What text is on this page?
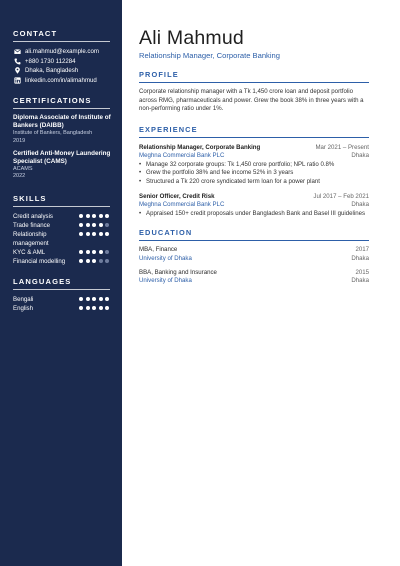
CONTACT
ali.mahmud@example.com
+880 1730 112284
Dhaka, Bangladesh
linkedin.com/in/alimahmud
CERTIFICATIONS
Diploma Associate of Institute of Bankers (DAIBB)
Institute of Bankers, Bangladesh
2019
Certified Anti-Money Laundering Specialist (CAMS)
ACAMS
2022
SKILLS
Credit analysis
Trade finance
Relationship management
KYC & AML
Financial modelling
LANGUAGES
Bengali
English
Ali Mahmud
Relationship Manager, Corporate Banking
PROFILE
Corporate relationship manager with a Tk 1,450 crore loan and deposit portfolio across RMG, pharmaceuticals and power. Grew the book 38% in three years with a non-performing ratio under 1%.
EXPERIENCE
Relationship Manager, Corporate Banking	Mar 2021 – Present
Meghna Commercial Bank PLC	Dhaka
•
Manage 32 corporate groups: Tk 1,450 crore portfolio; NPL ratio 0.8%
•
Grew the portfolio 38% and fee income 52% in 3 years
•
Structured a Tk 220 crore syndicated term loan for a power plant
Senior Officer, Credit Risk	Jul 2017 – Feb 2021
Meghna Commercial Bank PLC	Dhaka
•
Appraised 150+ credit proposals under Bangladesh Bank and Basel III guidelines
EDUCATION
MBA, Finance	2017
University of Dhaka	Dhaka
BBA, Banking and Insurance	2015
University of Dhaka	Dhaka
